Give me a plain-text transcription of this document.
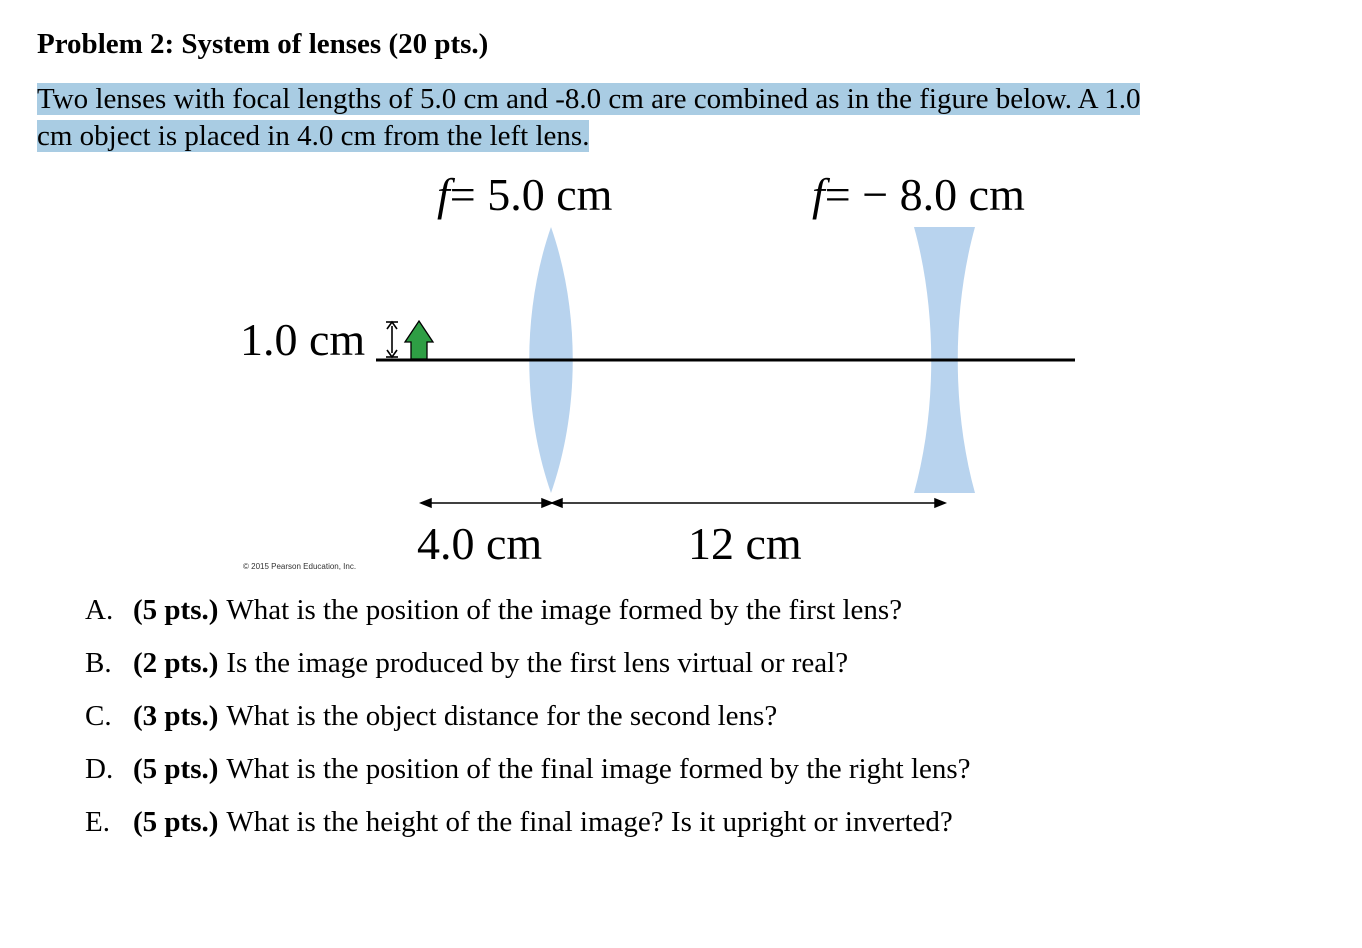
Problem 2: System of lenses (20 pts.)
Two lenses with focal lengths of 5.0 cm and -8.0 cm are combined as in the figure below. A 1.0
cm object is placed in 4.0 cm from the left lens.
f= 5.0 cm	f= − 8.0 cm
1.0 cm
4.0 cm	12 cm
© 2015 Pearson Education, Inc.
A. (5 pts.) What is the position of the image formed by the first lens?
B. (2 pts.) Is the image produced by the first lens virtual or real?
C. (3 pts.) What is the object distance for the second lens?
D. (5 pts.) What is the position of the final image formed by the right lens?
E. (5 pts.) What is the height of the final image? Is it upright or inverted?
